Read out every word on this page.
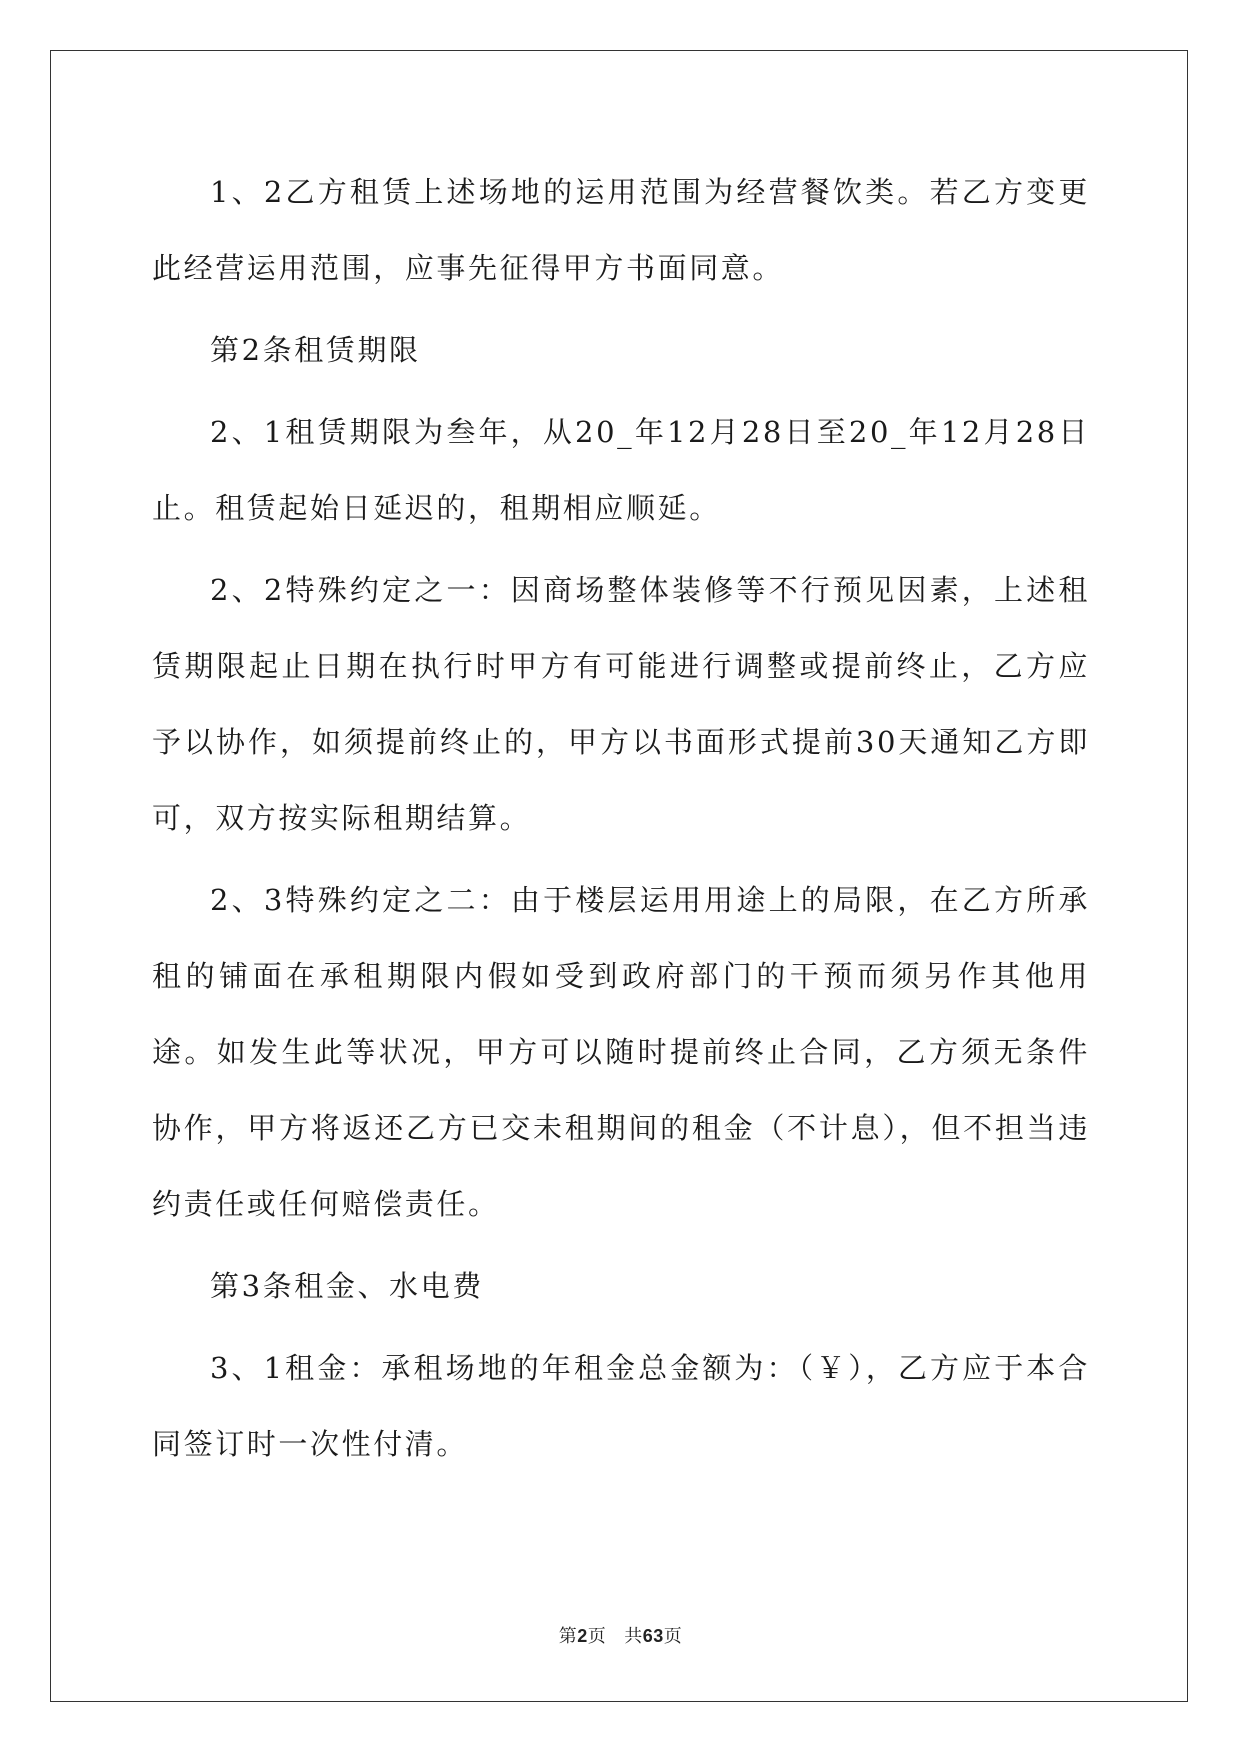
1、2乙方租赁上述场地的运用范围为经营餐饮类。若乙方变更此经营运用范围，应事先征得甲方书面同意。

第2条租赁期限

2、1租赁期限为叁年，从20_年12月28日至20_年12月28日止。租赁起始日延迟的，租期相应顺延。

2、2特殊约定之一：因商场整体装修等不行预见因素，上述租赁期限起止日期在执行时甲方有可能进行调整或提前终止，乙方应予以协作，如须提前终止的，甲方以书面形式提前30天通知乙方即可，双方按实际租期结算。

2、3特殊约定之二：由于楼层运用用途上的局限，在乙方所承租的铺面在承租期限内假如受到政府部门的干预而须另作其他用途。如发生此等状况，甲方可以随时提前终止合同，乙方须无条件协作，甲方将返还乙方已交未租期间的租金（不计息），但不担当违约责任或任何赔偿责任。

第3条租金、水电费

3、1租金：承租场地的年租金总金额为：（￥），乙方应于本合同签订时一次性付清。

第2页 共63页
